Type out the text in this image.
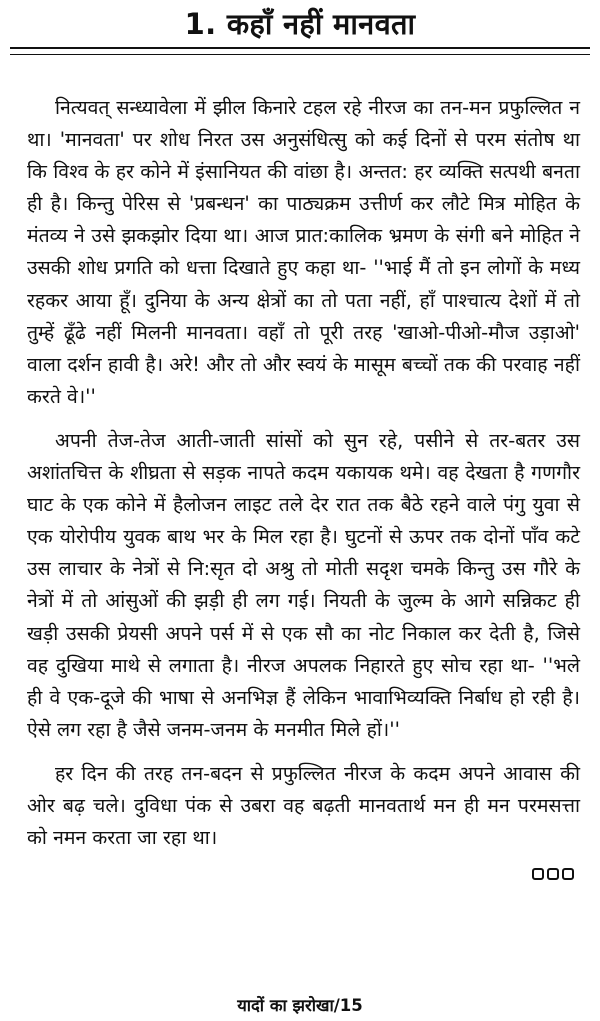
1. कहाँ नहीं मानवता

नित्यवत् सन्ध्यावेला में झील किनारे टहल रहे नीरज का तन-मन प्रफुल्लित न था। 'मानवता' पर शोध निरत उस अनुसंधित्सु को कई दिनों से परम संतोष था कि विश्व के हर कोने में इंसानियत की वांछा है। अन्तत: हर व्यक्ति सत्पथी बनता ही है। किन्तु पेरिस से 'प्रबन्धन' का पाठ्यक्रम उत्तीर्ण कर लौटे मित्र मोहित के मंतव्य ने उसे झकझोर दिया था। आज प्रात:कालिक भ्रमण के संगी बने मोहित ने उसकी शोध प्रगति को धत्ता दिखाते हुए कहा था- ''भाई मैं तो इन लोगों के मध्य रहकर आया हूँ। दुनिया के अन्य क्षेत्रों का तो पता नहीं, हाँ पाश्चात्य देशों में तो तुम्हें ढूँढे नहीं मिलनी मानवता। वहाँ तो पूरी तरह 'खाओ-पीओ-मौज उड़ाओ' वाला दर्शन हावी है। अरे! और तो और स्वयं के मासूम बच्चों तक की परवाह नहीं करते वे।''

अपनी तेज-तेज आती-जाती सांसों को सुन रहे, पसीने से तर-बतर उस अशांतचित्त के शीघ्रता से सड़क नापते कदम यकायक थमे। वह देखता है गणगौर घाट के एक कोने में हैलोजन लाइट तले देर रात तक बैठे रहने वाले पंगु युवा से एक योरोपीय युवक बाथ भर के मिल रहा है। घुटनों से ऊपर तक दोनों पाँव कटे उस लाचार के नेत्रों से नि:सृत दो अश्रु तो मोती सदृश चमके किन्तु उस गौरे के नेत्रों में तो आंसुओं की झड़ी ही लग गई। नियती के जुल्म के आगे सन्निकट ही खड़ी उसकी प्रेयसी अपने पर्स में से एक सौ का नोट निकाल कर देती है, जिसे वह दुखिया माथे से लगाता है। नीरज अपलक निहारते हुए सोच रहा था- ''भले ही वे एक-दूजे की भाषा से अनभिज्ञ हैं लेकिन भावाभिव्यक्ति निर्बाध हो रही है। ऐसे लग रहा है जैसे जनम-जनम के मनमीत मिले हों।''

हर दिन की तरह तन-बदन से प्रफुल्लित नीरज के कदम अपने आवास की ओर बढ़ चले। दुविधा पंक से उबरा वह बढ़ती मानवतार्थ मन ही मन परमसत्ता को नमन करता जा रहा था।

यादों का झरोखा/15
